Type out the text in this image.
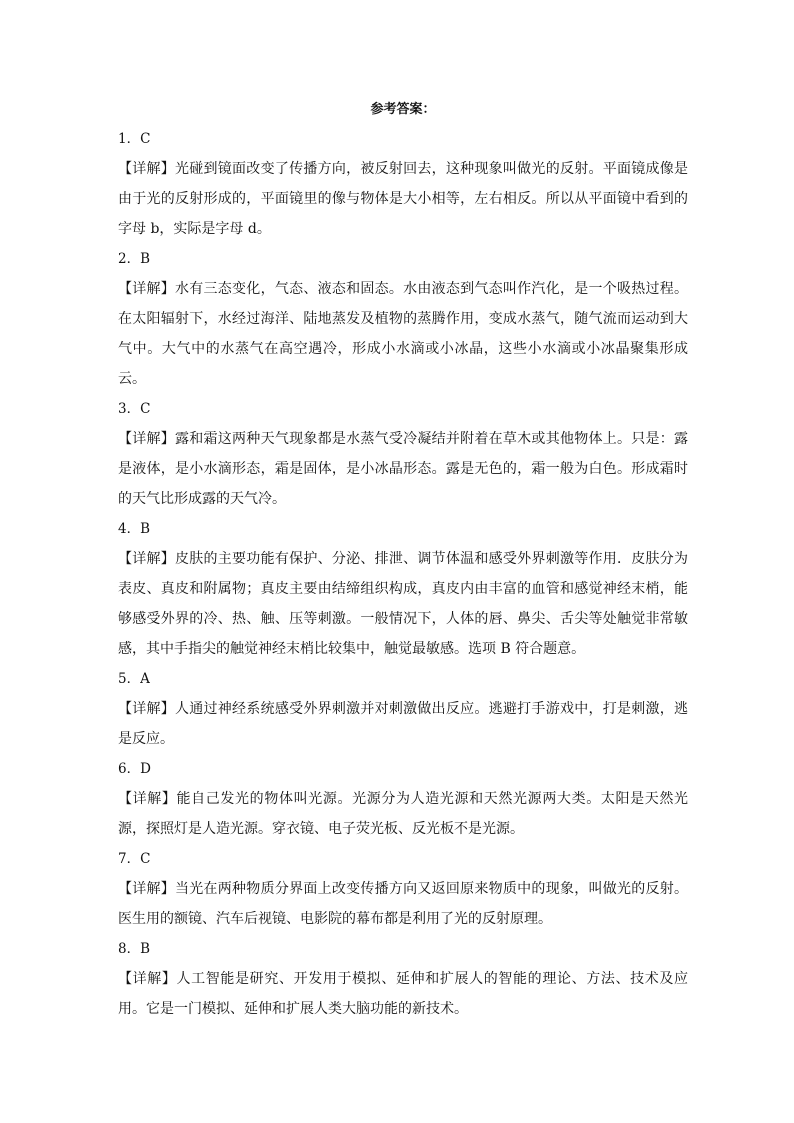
参考答案：
1．C
【详解】光碰到镜面改变了传播方向，被反射回去，这种现象叫做光的反射。平面镜成像是由于光的反射形成的，平面镜里的像与物体是大小相等，左右相反。所以从平面镜中看到的字母 b，实际是字母 d。
2．B
【详解】水有三态变化，气态、液态和固态。水由液态到气态叫作汽化，是一个吸热过程。在太阳辐射下，水经过海洋、陆地蒸发及植物的蒸腾作用，变成水蒸气，随气流而运动到大气中。大气中的水蒸气在高空遇冷，形成小水滴或小冰晶，这些小水滴或小冰晶聚集形成云。
3．C
【详解】露和霜这两种天气现象都是水蒸气受冷凝结并附着在草木或其他物体上。只是：露是液体，是小水滴形态，霜是固体，是小冰晶形态。露是无色的，霜一般为白色。形成霜时的天气比形成露的天气冷。
4．B
【详解】皮肤的主要功能有保护、分泌、排泄、调节体温和感受外界刺激等作用．皮肤分为表皮、真皮和附属物；真皮主要由结缔组织构成，真皮内由丰富的血管和感觉神经末梢，能够感受外界的冷、热、触、压等刺激。一般情况下，人体的唇、鼻尖、舌尖等处触觉非常敏感，其中手指尖的触觉神经末梢比较集中，触觉最敏感。选项 B 符合题意。
5．A
【详解】人通过神经系统感受外界刺激并对刺激做出反应。逃避打手游戏中，打是刺激，逃是反应。
6．D
【详解】能自己发光的物体叫光源。光源分为人造光源和天然光源两大类。太阳是天然光源，探照灯是人造光源。穿衣镜、电子荧光板、反光板不是光源。
7．C
【详解】当光在两种物质分界面上改变传播方向又返回原来物质中的现象，叫做光的反射。医生用的额镜、汽车后视镜、电影院的幕布都是利用了光的反射原理。
8．B
【详解】人工智能是研究、开发用于模拟、延伸和扩展人的智能的理论、方法、技术及应用。它是一门模拟、延伸和扩展人类大脑功能的新技术。
